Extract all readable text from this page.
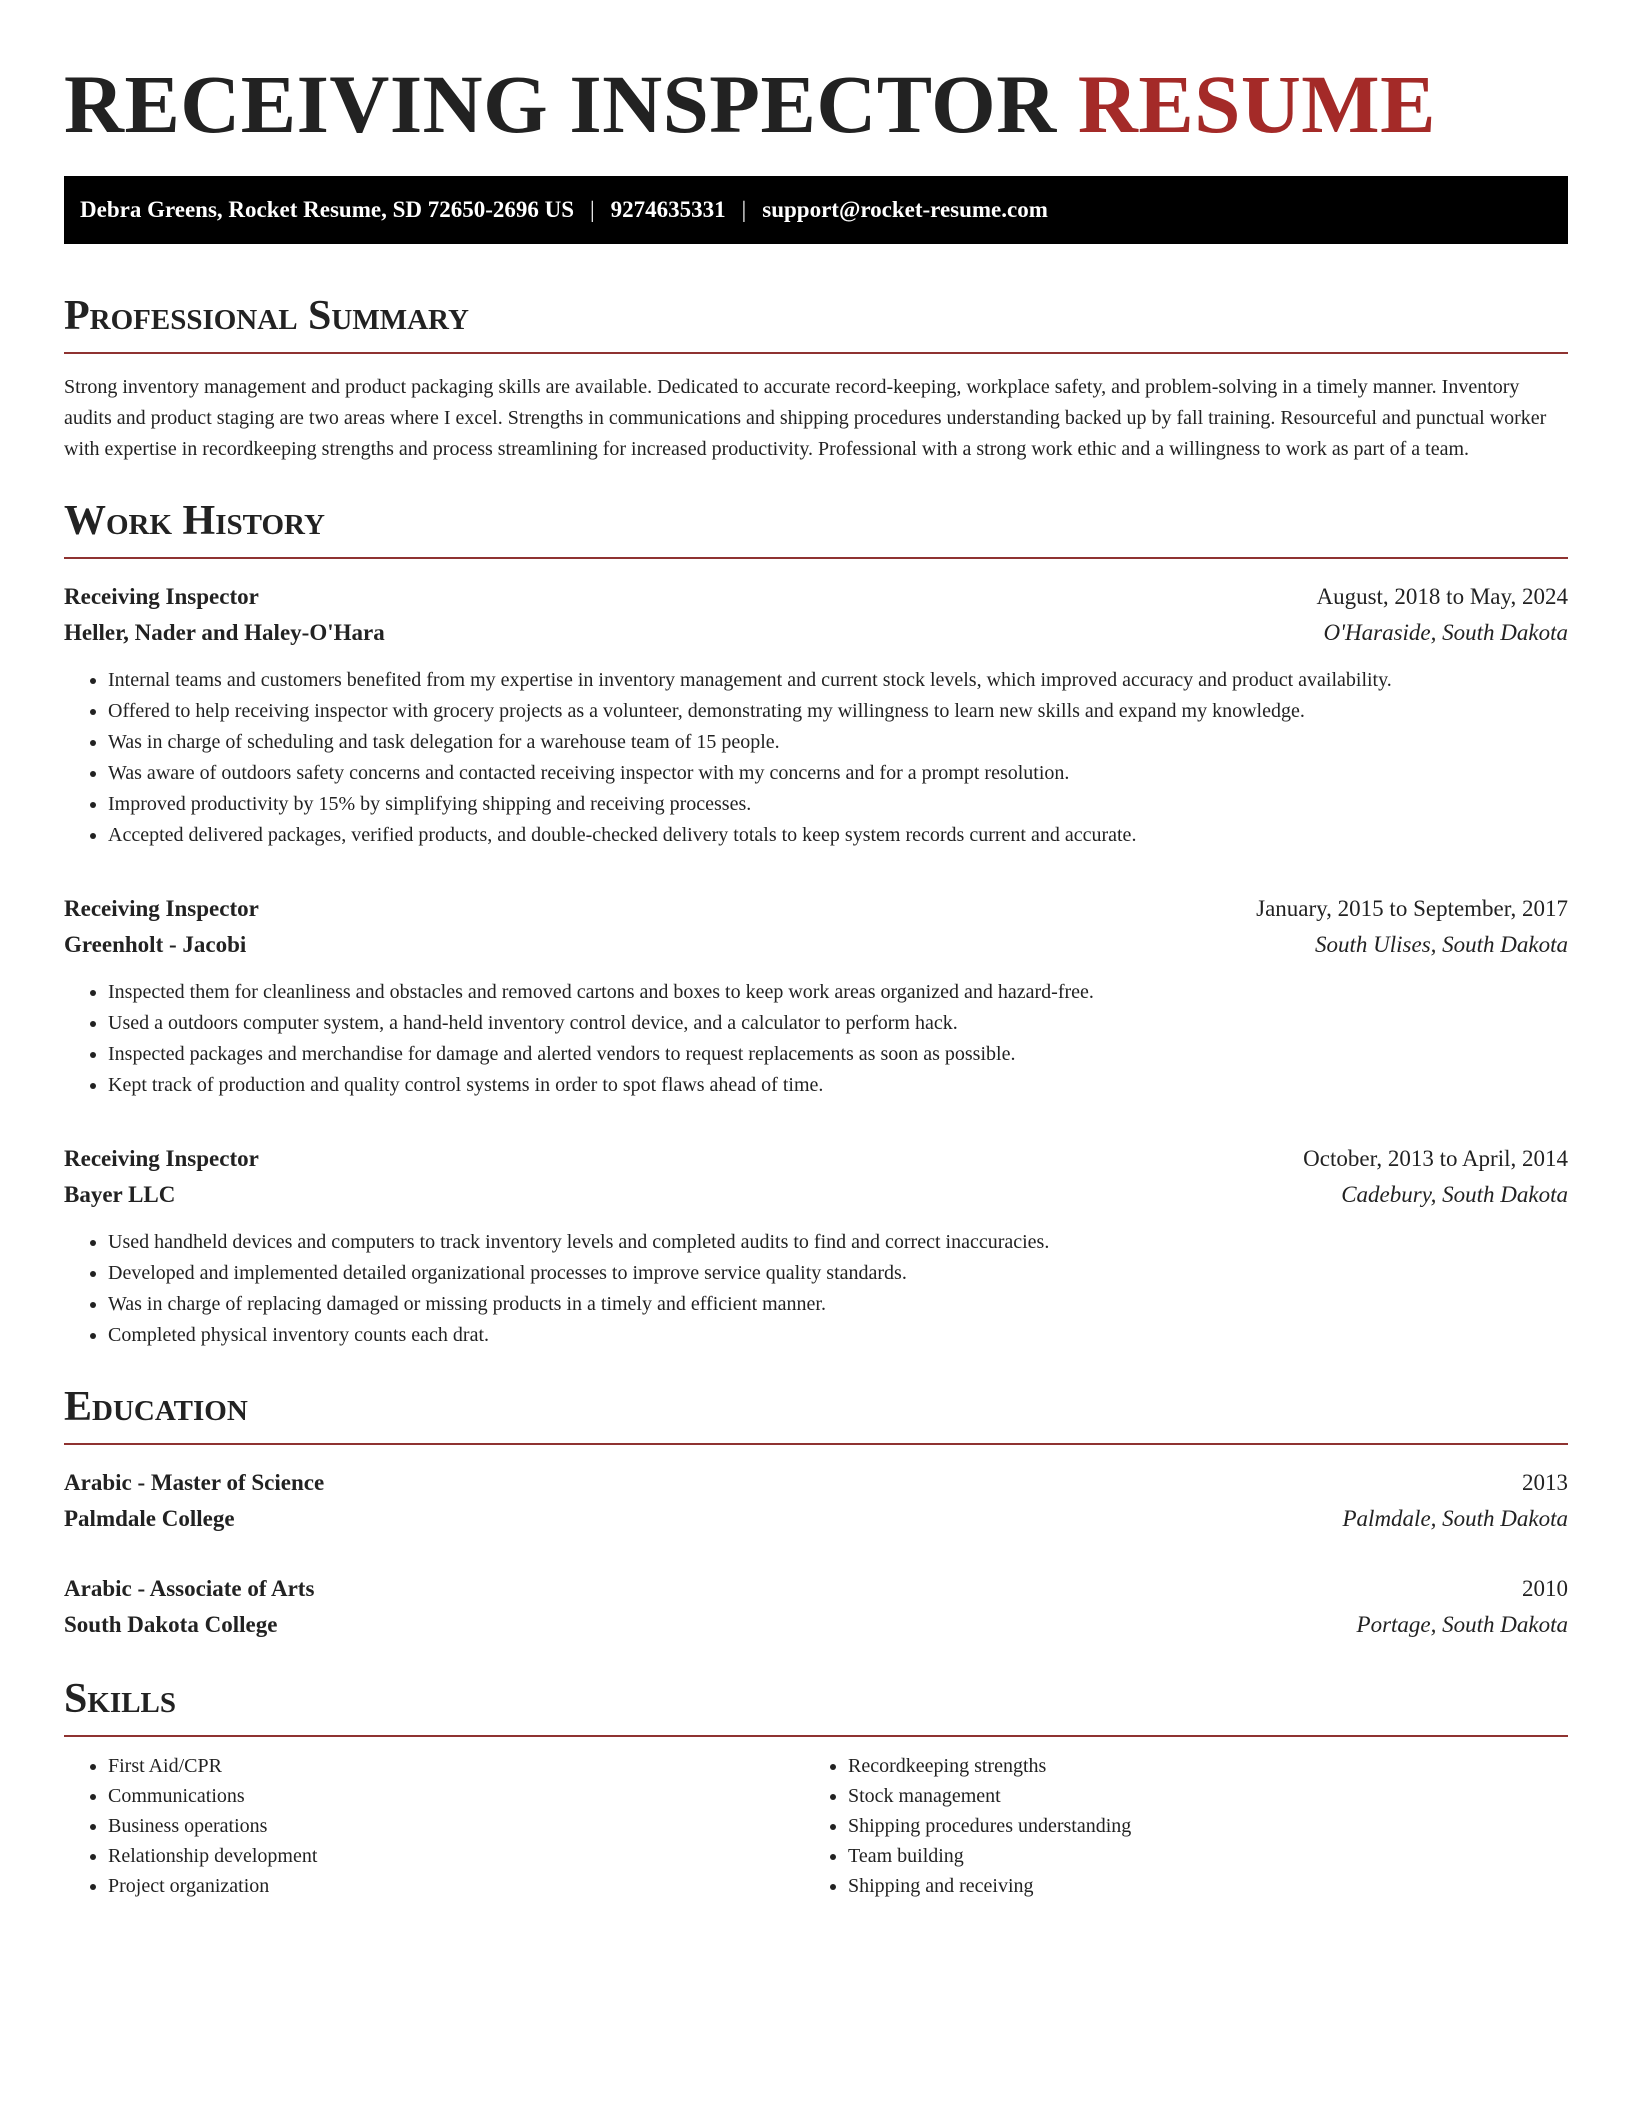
RECEIVING INSPECTOR RESUME
Debra Greens, Rocket Resume, SD 72650-2696 US | 9274635331 | support@rocket-resume.com
Professional Summary

Strong inventory management and product packaging skills are available. Dedicated to accurate record-keeping, workplace safety, and problem-solving in a timely manner. Inventory audits and product staging are two areas where I excel. Strengths in communications and shipping procedures understanding backed up by fall training. Resourceful and punctual worker with expertise in recordkeeping strengths and process streamlining for increased productivity. Professional with a strong work ethic and a willingness to work as part of a team.

Work History
Receiving Inspector	August, 2018 to May, 2024
Heller, Nader and Haley-O'Hara	O'Haraside, South Dakota
• Internal teams and customers benefited from my expertise in inventory management and current stock levels, which improved accuracy and product availability.
• Offered to help receiving inspector with grocery projects as a volunteer, demonstrating my willingness to learn new skills and expand my knowledge.
• Was in charge of scheduling and task delegation for a warehouse team of 15 people.
• Was aware of outdoors safety concerns and contacted receiving inspector with my concerns and for a prompt resolution.
• Improved productivity by 15% by simplifying shipping and receiving processes.
• Accepted delivered packages, verified products, and double-checked delivery totals to keep system records current and accurate.
Receiving Inspector	January, 2015 to September, 2017
Greenholt - Jacobi	South Ulises, South Dakota
• Inspected them for cleanliness and obstacles and removed cartons and boxes to keep work areas organized and hazard-free.
• Used a outdoors computer system, a hand-held inventory control device, and a calculator to perform hack.
• Inspected packages and merchandise for damage and alerted vendors to request replacements as soon as possible.
• Kept track of production and quality control systems in order to spot flaws ahead of time.
Receiving Inspector	October, 2013 to April, 2014
Bayer LLC	Cadebury, South Dakota
• Used handheld devices and computers to track inventory levels and completed audits to find and correct inaccuracies.
• Developed and implemented detailed organizational processes to improve service quality standards.
• Was in charge of replacing damaged or missing products in a timely and efficient manner.
• Completed physical inventory counts each drat.
Education
Arabic - Master of Science	2013
Palmdale College	Palmdale, South Dakota
Arabic - Associate of Arts	2010
South Dakota College	Portage, South Dakota
Skills
• First Aid/CPR
• Communications
• Business operations
• Relationship development
• Project organization
• Recordkeeping strengths
• Stock management
• Shipping procedures understanding
• Team building
• Shipping and receiving
